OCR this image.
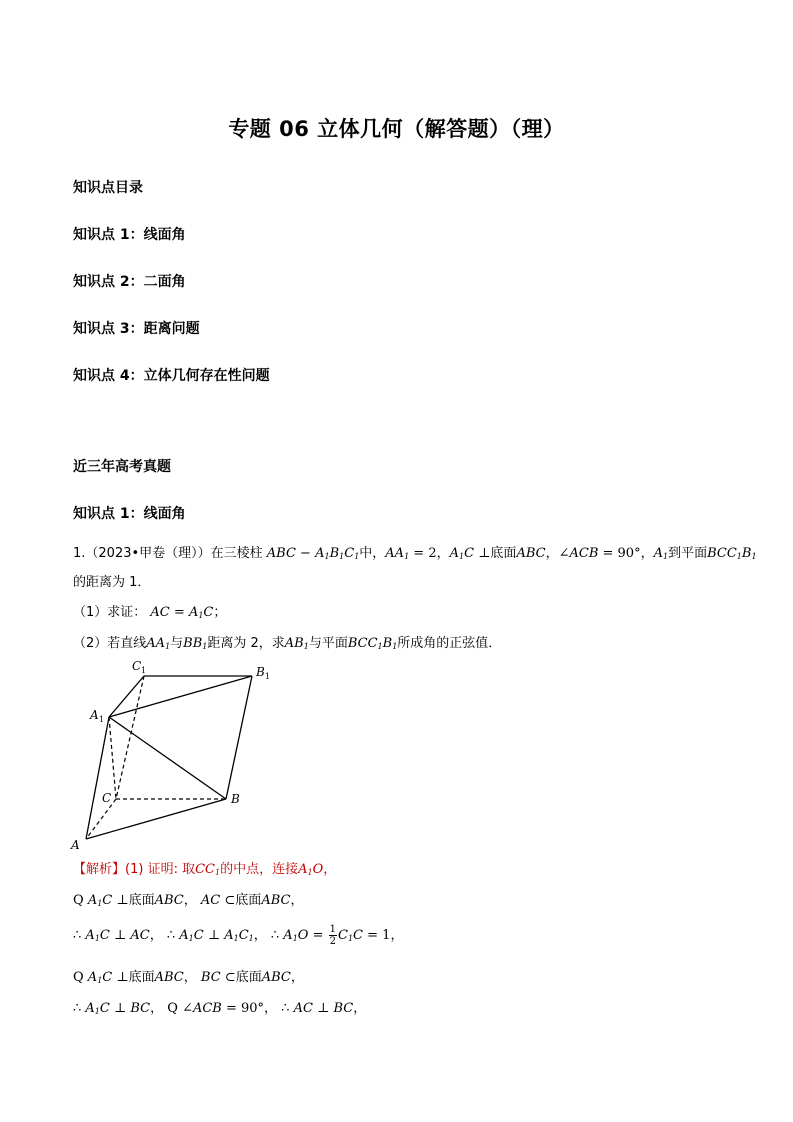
专题 06 立体几何（解答题）（理）
知识点目录
知识点 1：线面角
知识点 2：二面角
知识点 3：距离问题
知识点 4：立体几何存在性问题
近三年高考真题
知识点 1：线面角
1.（2023•甲卷（理））在三棱柱 ABC − $A_1B_1C_1$中，$AA_1 = 2$，$A_1C$ ⊥底面ABC，∠ACB = 90°，$A_1$到平面$BCC_1B_1$
的距离为 1．
（1）求证： AC = $A_1C$；
（2）若直线$AA_1$与$BB_1$距离为 2，求$AB_1$与平面$BCC_1B_1$所成角的正弦值．
C 1	B 1
A 1
C	B
A
【解析】(1) 证明: 取$CC_1$的中点，连接$A_1O$，
Q $A_1C$ ⊥底面ABC， AC ⊂底面ABC，
∴ $A_1C$ ⊥ AC， ∴ $A_1C$ ⊥ $A_1C_1$， ∴ $A_1O = \frac{1}{2} C_1C = 1$，
Q $A_1C$ ⊥底面ABC， BC ⊂底面ABC，
∴ $A_1C$ ⊥ BC， Q ∠ACB = 90°， ∴ AC ⊥ BC，
